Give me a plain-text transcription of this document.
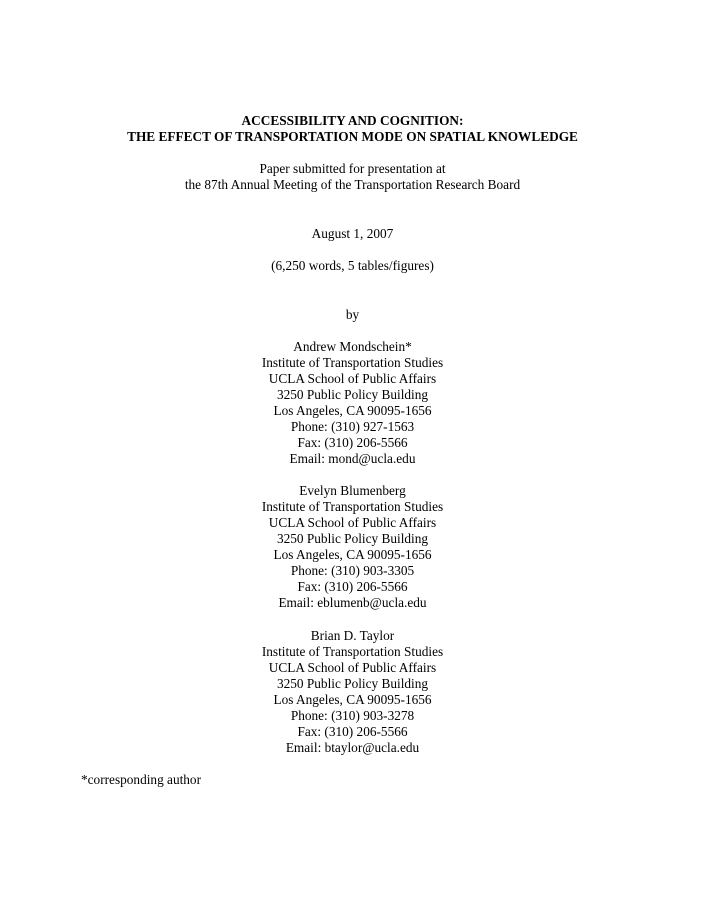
ACCESSIBILITY AND COGNITION:
THE EFFECT OF TRANSPORTATION MODE ON SPATIAL KNOWLEDGE
Paper submitted for presentation at
the 87th Annual Meeting of the Transportation Research Board
August 1, 2007
(6,250 words, 5 tables/figures)
by
Andrew Mondschein*
Institute of Transportation Studies
UCLA School of Public Affairs
3250 Public Policy Building
Los Angeles, CA 90095-1656
Phone: (310) 927-1563
Fax: (310) 206-5566
Email: mond@ucla.edu
Evelyn Blumenberg
Institute of Transportation Studies
UCLA School of Public Affairs
3250 Public Policy Building
Los Angeles, CA 90095-1656
Phone: (310) 903-3305
Fax: (310) 206-5566
Email: eblumenb@ucla.edu
Brian D. Taylor
Institute of Transportation Studies
UCLA School of Public Affairs
3250 Public Policy Building
Los Angeles, CA 90095-1656
Phone: (310) 903-3278
Fax: (310) 206-5566
Email: btaylor@ucla.edu
*corresponding author
